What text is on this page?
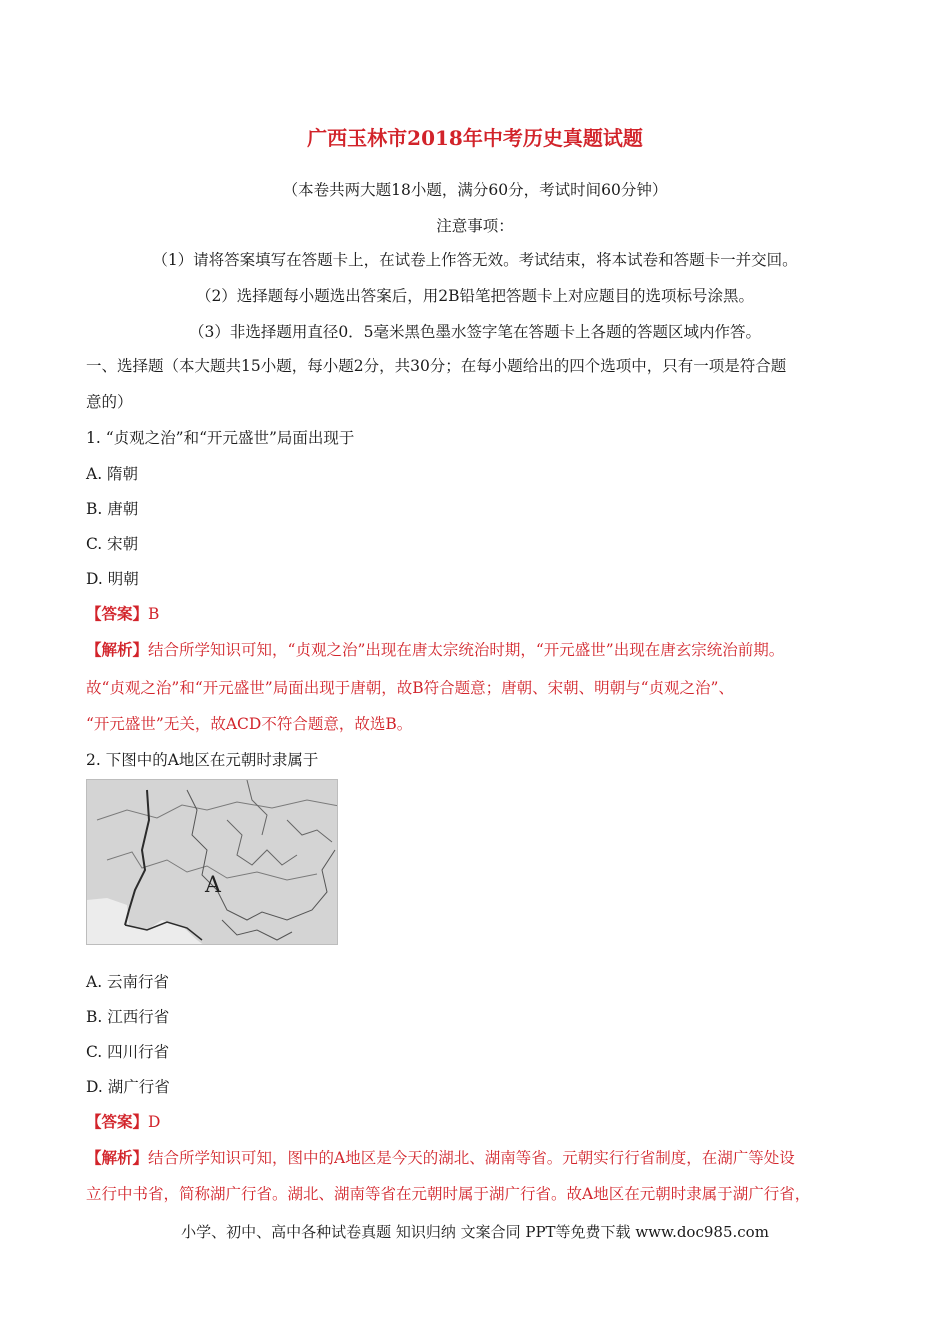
广西玉林市2018年中考历史真题试题
（本卷共两大题18小题，满分60分，考试时间60分钟）
注意事项：
（1）请将答案填写在答题卡上，在试卷上作答无效。考试结束，将本试卷和答题卡一并交回。
（2）选择题每小题选出答案后，用2B铅笔把答题卡上对应题目的选项标号涂黑。
（3）非选择题用直径0．5毫米黑色墨水签字笔在答题卡上各题的答题区域内作答。
一、选择题（本大题共15小题，每小题2分，共30分；在每小题给出的四个选项中，只有一项是符合题
意的）
1. “贞观之治”和“开元盛世”局面出现于
A. 隋朝
B. 唐朝
C. 宋朝
D. 明朝
【答案】B
【解析】结合所学知识可知，“贞观之治”出现在唐太宗统治时期，“开元盛世”出现在唐玄宗统治前期。
故“贞观之治”和“开元盛世”局面出现于唐朝，故B符合题意；唐朝、宋朝、明朝与“贞观之治”、
“开元盛世”无关，故ACD不符合题意，故选B。
2. 下图中的A地区在元朝时隶属于
A
A. 云南行省
B. 江西行省
C. 四川行省
D. 湖广行省
【答案】D
【解析】结合所学知识可知，图中的A地区是今天的湖北、湖南等省。元朝实行行省制度，在湖广等处设
立行中书省，简称湖广行省。湖北、湖南等省在元朝时属于湖广行省。故A地区在元朝时隶属于湖广行省，
小学、初中、高中各种试卷真题 知识归纳 文案合同 PPT等免费下载 www.doc985.com
